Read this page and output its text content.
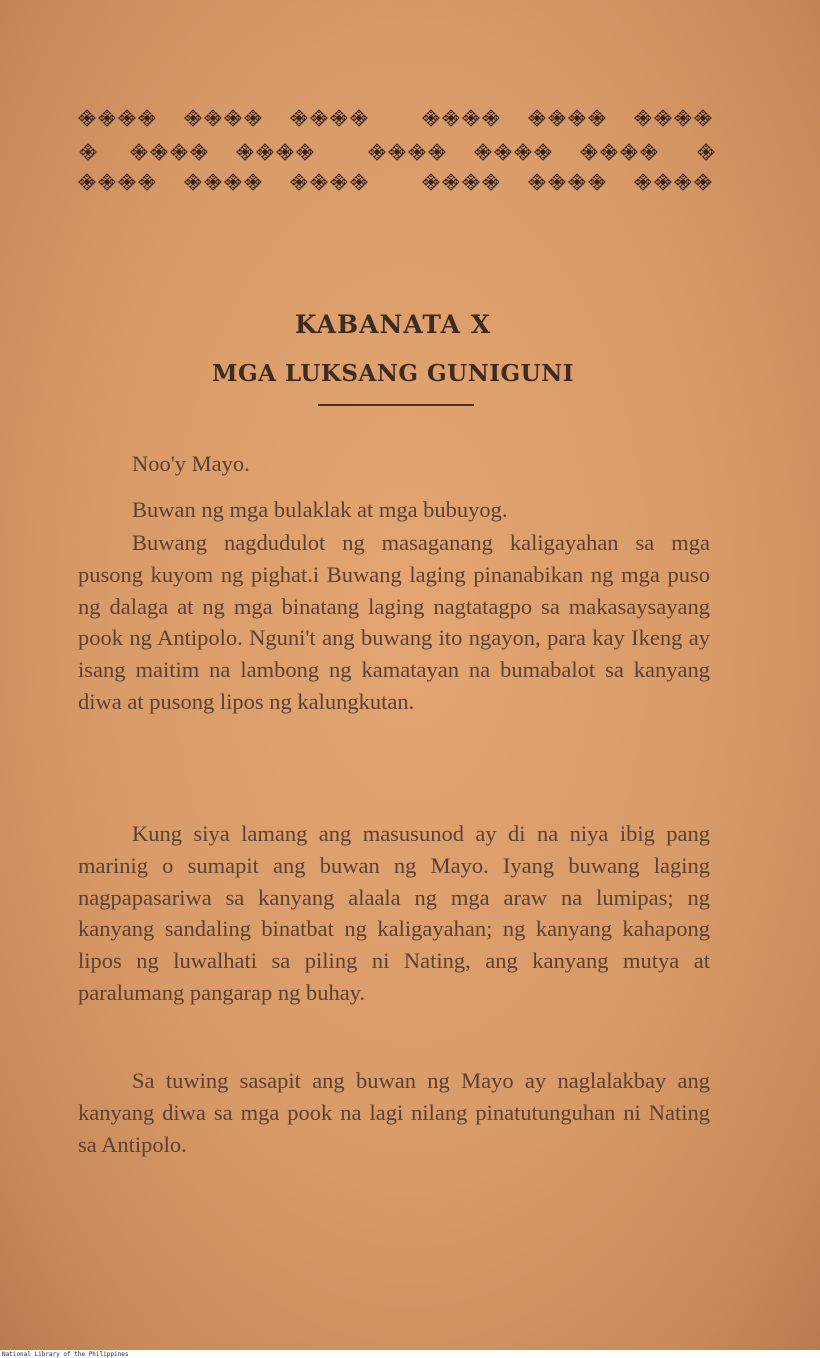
KABANATA X
MGA LUKSANG GUNIGUNI

Noo'y Mayo.

Buwan ng mga bulaklak at mga bubuyog.

Buwang nagdudulot ng masaganang kaligayahan sa mga pusong kuyom ng pighat.i Buwang laging pinanabikan ng mga puso ng dalaga at ng mga binatang laging nagtatagpo sa makasaysayang pook ng Antipolo. Nguni't ang buwang ito ngayon, para kay Ikeng ay isang maitim na lambong ng kamatayan na bumabalot sa kanyang diwa at pusong lipos ng kalungkutan.

Kung siya lamang ang masusunod ay di na niya ibig pang marinig o sumapit ang buwan ng Mayo. Iyang buwang laging nagpapasariwa sa kanyang alaala ng mga araw na lumipas; ng kanyang sandaling binatbat ng kaligayahan; ng kanyang kahapong lipos ng luwalhati sa piling ni Nating, ang kanyang mutya at paralumang pangarap ng buhay.

Sa tuwing sasapit ang buwan ng Mayo ay naglalakbay ang kanyang diwa sa mga pook na lagi nilang pinatutunguhan ni Nating sa Antipolo.

National Library of the Philippines
